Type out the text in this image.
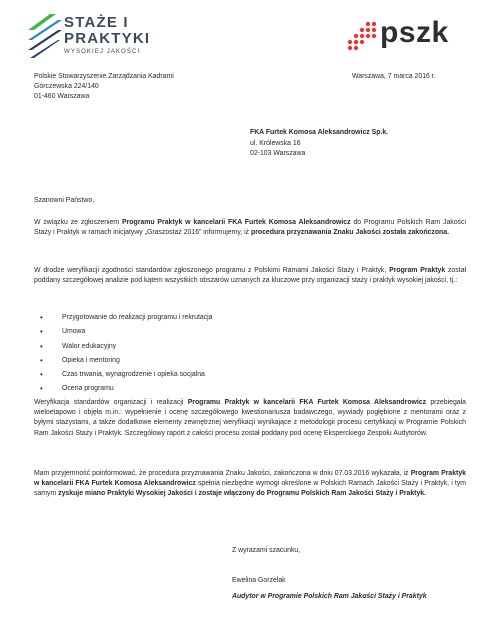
STAŻE I
PRAKTYKI
WYSOKIEJ JAKOŚCI
pszk
Polskie Stowarzyszenie Zarządzania Kadrami
Górczewska 224/140
01-460 Warszawa
Warszawa, 7 marca 2016 r.
FKA Furtek Komosa Aleksandrowicz Sp.k.
ul. Królewska 16
02-103 Warszawa
Szanowni Państwo,
W związku ze zgłoszeniem Programu Praktyk w kancelarii FKA Furtek Komosa Aleksandrowicz do Programu Polskich Ram Jakości Staży i Praktyk w ramach inicjatywy „Graszostaż 2016” informujemy, iż procedura przyznawania Znaku Jakości została zakończona.
W drodze weryfikacji zgodności standardów zgłoszonego programu z Polskimi Ramami Jakości Staży i Praktyk, Program Praktyk został poddany szczegółowej analizie pod kątem wszystkich obszarów uznanych za kluczowe przy organizacji staży i praktyk wysokiej jakości, tj.:
• Przygotowanie do realizacji programu i rekrutacja
• Umowa
• Walor edukacyjny
• Opieka i mentoring
• Czas trwania, wynagrodzenie i opieka socjalna
• Ocena programu
Weryfikacja standardów organizacji i realizacji Programu Praktyk w kancelarii FKA Furtek Komosa Aleksandrowicz przebiegała wieloetapowo i objęła m.in.: wypełnienie i ocenę szczegółowego kwestionariusza badawczego, wywiady pogłębione z mentorami oraz z byłymi stażystami, a także dodatkowe elementy zewnętrznej weryfikacji wynikające z metodologii procesu certyfikacji w Programie Polskich Ram Jakości Staży i Praktyk. Szczegółowy raport z całości procesu został poddany pod ocenę Eksperckiego Zespołu Audytorów.
Mam przyjemność poinformować, że procedura przyznawania Znaku Jakości, zakończona w dniu 07.03.2016 wykazała, iż Program Praktyk w kancelarii FKA Furtek Komosa Aleksandrowicz spełnia niezbędne wymogi określone w Polskich Ramach Jakości Staży i Praktyk, i tym samym zyskuje miano Praktyki Wysokiej Jakości i zostaje włączony do Programu Polskich Ram Jakości Staży i Praktyk.
Z wyrazami szacunku,
Ewelina Gorzelak
Audytor w Programie Polskich Ram Jakości Staży i Praktyk
